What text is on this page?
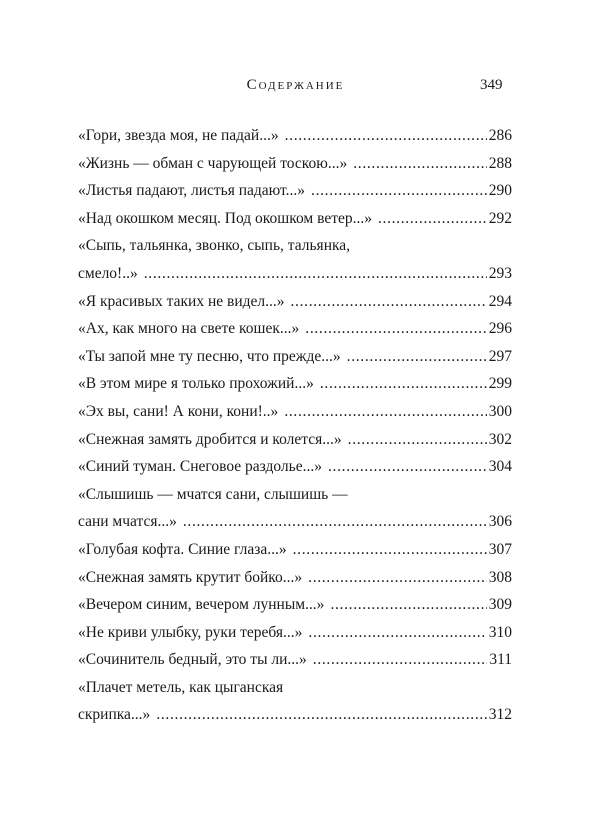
Содержание	349
«Гори, звезда моя, не падай...» . . .	286
«Жизнь — обман с чарующей тоскою...» . . .	288
«Листья падают, листья падают...» . . .	290
«Над окошком месяц. Под окошком ветер...» . . .	292
«Сыпь, тальянка, звонко, сыпь, тальянка,
смело!..» . . .	293
«Я красивых таких не видел...» . . .	294
«Ах, как много на свете кошек...» . . .	296
«Ты запой мне ту песню, что прежде...» . . .	297
«В этом мире я только прохожий...» . . .	299
«Эх вы, сани! А кони, кони!..» . . .	300
«Снежная замять дробится и колется...» . . .	302
«Синий туман. Снеговое раздолье...» . . .	304
«Слышишь — мчатся сани, слышишь —
сани мчатся...» . . .	306
«Голубая кофта. Синие глаза...» . . .	307
«Снежная замять крутит бойко...» . . .	308
«Вечером синим, вечером лунным...» . . .	309
«Не криви улыбку, руки теребя...» . . .	310
«Сочинитель бедный, это ты ли...» . . .	311
«Плачет метель, как цыганская
скрипка...» . . .	312
